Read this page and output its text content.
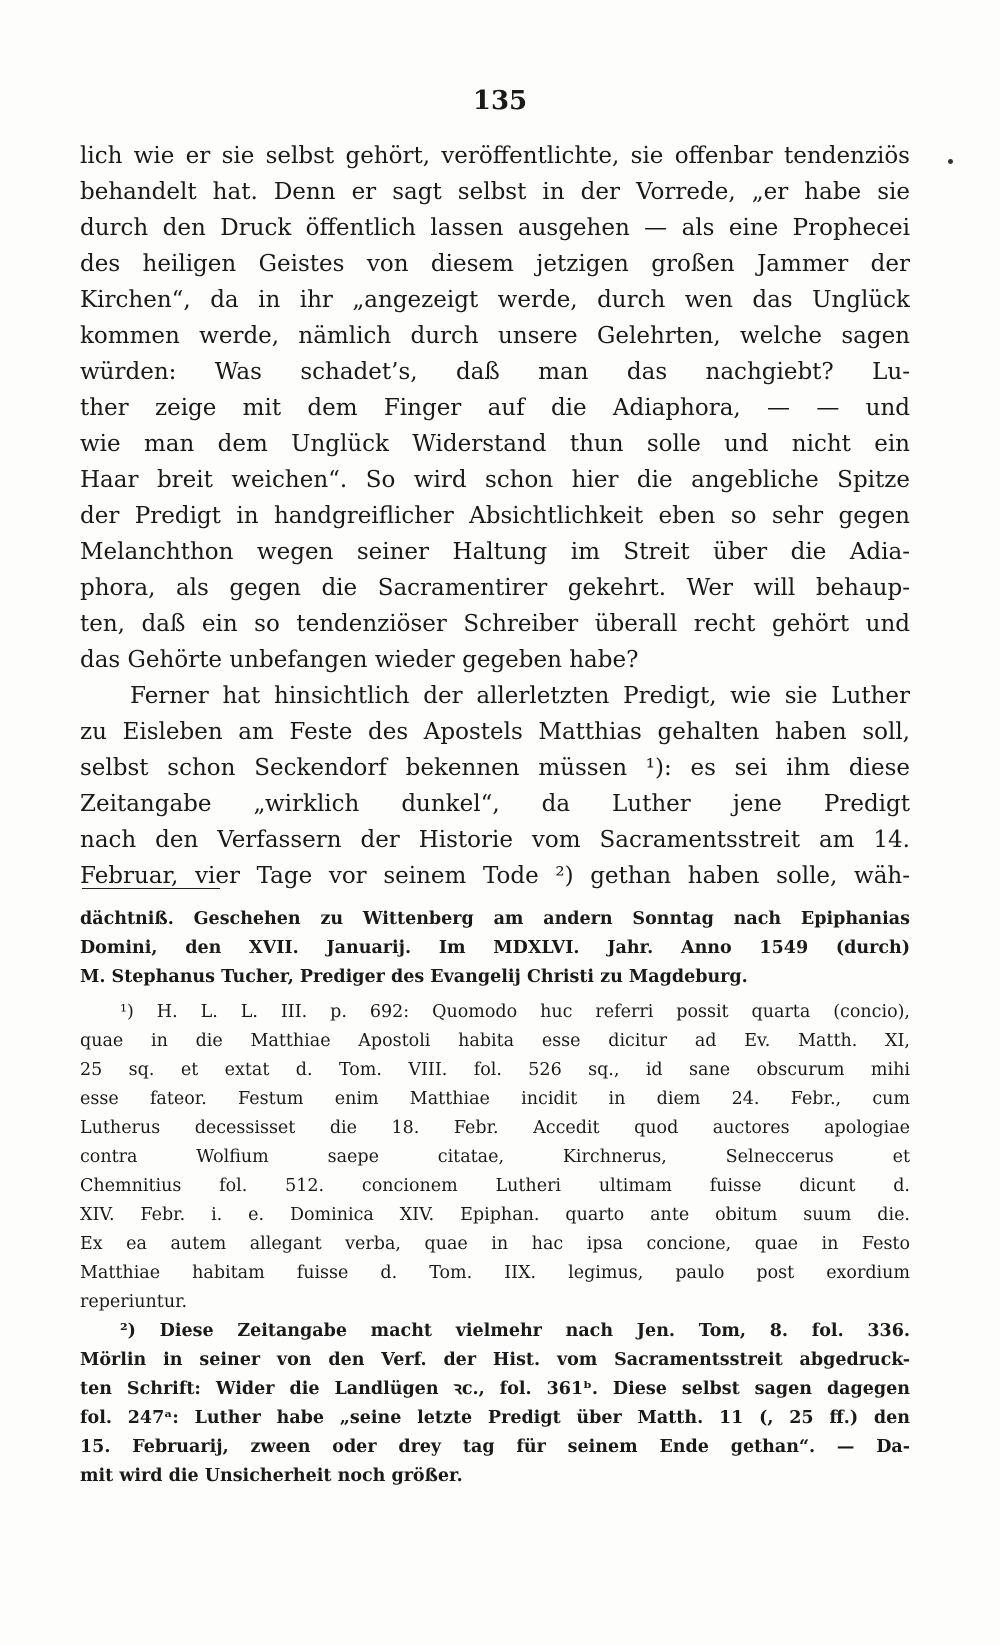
135
lich wie er sie selbst gehört, veröffentlichte, sie offenbar tendenziös
behandelt hat. Denn er sagt selbst in der Vorrede, „er habe sie
durch den Druck öffentlich lassen ausgehen — als eine Prophecei
des heiligen Geistes von diesem jetzigen großen Jammer der
Kirchen“, da in ihr „angezeigt werde, durch wen das Unglück
kommen werde, nämlich durch unsere Gelehrten, welche sagen
würden: Was schadet’s, daß man das nachgiebt? Lu-
ther zeige mit dem Finger auf die Adiaphora, — — und
wie man dem Unglück Widerstand thun solle und nicht ein
Haar breit weichen“. So wird schon hier die angebliche Spitze
der Predigt in handgreiflicher Absichtlichkeit eben so sehr gegen
Melanchthon wegen seiner Haltung im Streit über die Adia-
phora, als gegen die Sacramentirer gekehrt. Wer will behaup-
ten, daß ein so tendenziöser Schreiber überall recht gehört und
das Gehörte unbefangen wieder gegeben habe?
Ferner hat hinsichtlich der allerletzten Predigt, wie sie Luther
zu Eisleben am Feste des Apostels Matthias gehalten haben soll,
selbst schon Seckendorf bekennen müssen ¹): es sei ihm diese
Zeitangabe „wirklich dunkel“, da Luther jene Predigt
nach den Verfassern der Historie vom Sacramentsstreit am 14.
Februar, vier Tage vor seinem Tode ²) gethan haben solle, wäh-
dächtniß. Geschehen zu Wittenberg am andern Sonntag nach Epiphanias
Domini, den XVII. Januarij. Im MDXLVI. Jahr. Anno 1549 (durch)
M. Stephanus Tucher, Prediger des Evangelij Christi zu Magdeburg.
¹) H. L. L. III. p. 692: Quomodo huc referri possit quarta (concio),
quae in die Matthiae Apostoli habita esse dicitur ad Ev. Matth. XI,
25 sq. et extat d. Tom. VIII. fol. 526 sq., id sane obscurum mihi
esse fateor. Festum enim Matthiae incidit in diem 24. Febr., cum
Lutherus decessisset die 18. Febr. Accedit quod auctores apologiae
contra Wolfium saepe citatae, Kirchnerus, Selneccerus et
Chemnitius fol. 512. concionem Lutheri ultimam fuisse dicunt d.
XIV. Febr. i. e. Dominica XIV. Epiphan. quarto ante obitum suum die.
Ex ea autem allegant verba, quae in hac ipsa concione, quae in Festo
Matthiae habitam fuisse d. Tom. IIX. legimus, paulo post exordium
reperiuntur.
²) Diese Zeitangabe macht vielmehr nach Jen. Tom, 8. fol. 336.
Mörlin in seiner von den Verf. der Hist. vom Sacramentsstreit abgedruck-
ten Schrift: Wider die Landlügen ꝛc., fol. 361ᵇ. Diese selbst sagen dagegen
fol. 247ᵃ: Luther habe „seine letzte Predigt über Matth. 11 (, 25 ff.) den
15. Februarij, zween oder drey tag für seinem Ende gethan“. — Da-
mit wird die Unsicherheit noch größer.
